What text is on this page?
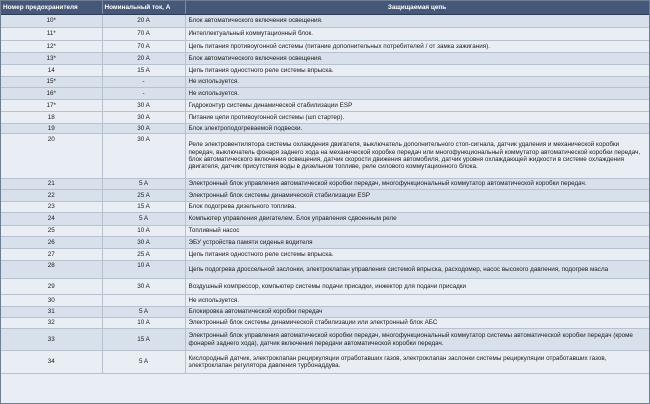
Номер предохранителя	Номинальный ток, А	Защищаемая цепь
10*	20 A	Блок автоматического включения освещения.
11*	70 A	Интеллектуальный коммутационный блок.
12*	70 A	Цепь питания противоугонной системы (питание дополнительных потребителей / от замка зажигания).
13*	20 A	Блок автоматического включения освещения.
14	15 A	Цепь питания одностного реле системы впрыска.
15*	-	Не используется.
16*	-	Не используется.
17*	30 A	Гидроконтур системы динамической стабилизации ESP
18	30 A	Питание цепи противоугонной системы (шп стартер).
19	30 A	Блок электроподогреваемой подвески.
20	30 A	Реле электровентилятора системы охлаждения двигателя, выключатель дополнительного стоп-сигнала, датчик удаления и механической коробки передач, выключатель фонаря заднего хода на механической коробке передач или многофункциональный коммутатор автоматической коробки передач, блок автоматического включения освещения, датчик скорости движения автомобиля, датчик уровня охлаждающей жидкости в системе охлаждения двигателя, датчик присутствия воды в дизельном топливе, реле силового коммутационного блока.
21	5 A	Электронный блок управления автоматической коробки передач, многофункциональный коммутатор автоматической коробки передач.
22	25 A	Электронный блок системы динамической стабилизации ESP
23	15 A	Блок подогрева дизельного топлива.
24	5 A	Компьютер управления двигателем. Блок управления сдвоенным реле
25	10 A	Топливный насос
26	30 A	ЭБУ устройства памяти сиденья водителя
27	25 A	Цепь питания одностного реле системы впрыска.
28	10 A	Цепь подогрева дроссельной заслонки, электроклапан управления системой впрыска, расходомер, насос высокого давления, подогрев масла
29	30 A	Воздушный компрессор, компьютер системы подачи присадки, инжектор для подачи присадки
30		Не используется.
31	5 A	Блокировка автоматической коробки передач
32	10 A	Электронный блок системы динамической стабилизации или электронный блок АБС
33	15 A	Электронный блок управления автоматической коробки передач, многофункциональный коммутатор системы автоматической коробки передач (кроме фонарей заднего хода), датчик включения передачи автоматической коробки передач.
34	5 A	Кислородный датчик, электроклапан рециркуляции отработавших газов, электроклапан заслонки системы рециркуляции отработавших газов, электроклапан регулятора давления турбонаддува.
